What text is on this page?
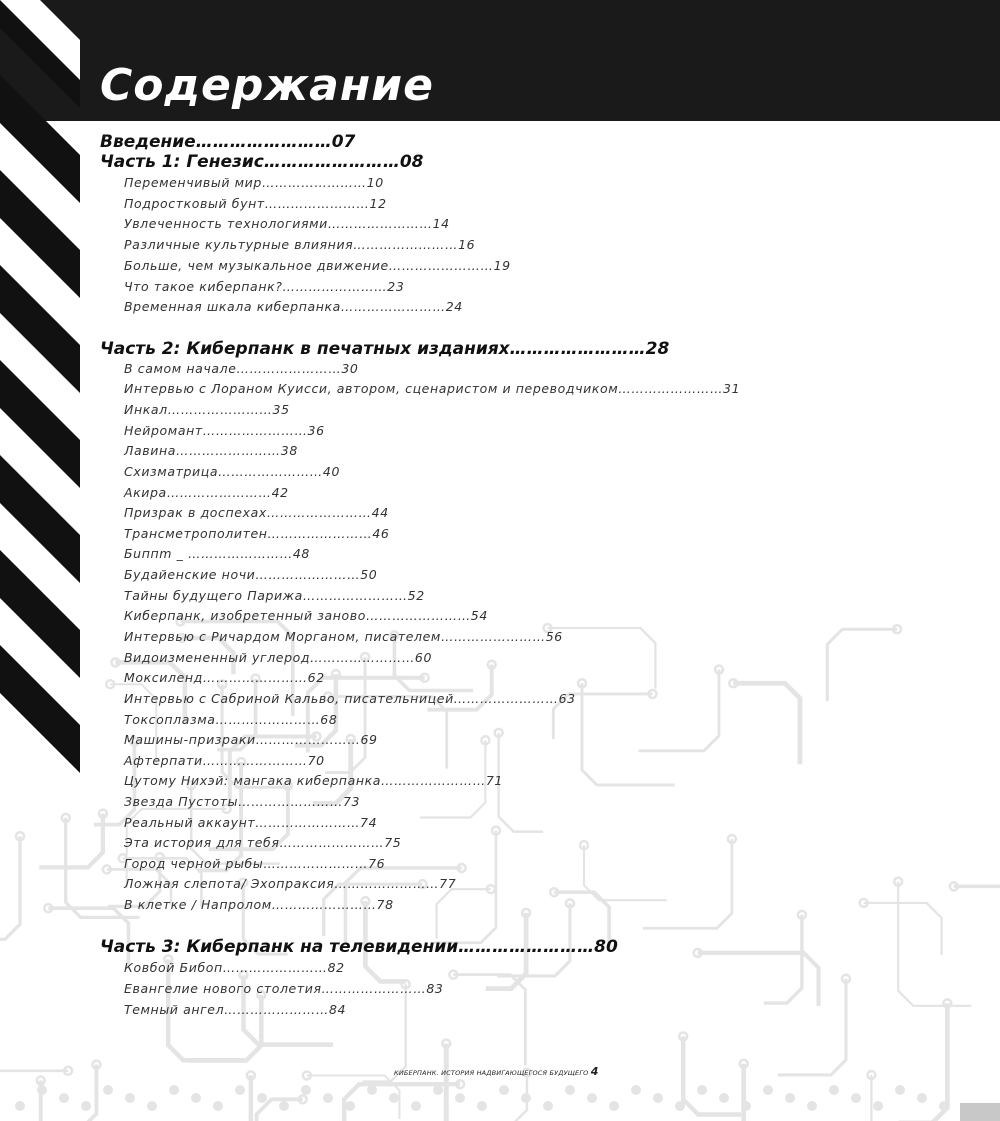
Содержание
Введение……………………07
Часть 1: Генезис……………………08
Переменчивый мир……………………10
Подростковый бунт……………………12
Увлеченность технологиями……………………14
Различные культурные влияния……………………16
Больше, чем музыкальное движение……………………19
Что такое киберпанк?……………………23
Временная шкала киберпанка……………………24
Часть 2: Киберпанк в печатных изданиях……………………28
В самом начале……………………30
Интервью с Лораном Куисси, автором, сценаристом и переводчиком……………………31
Инкал……………………35
Нейромант……………………36
Лавина……………………38
Схизматрица……………………40
Акира……………………42
Призрак в доспехах……………………44
Трансметрополитен……………………46
Бuппm _ ……………………48
Будайенские ночи……………………50
Тайны будущего Парижа……………………52
Киберпанк, изобретенный заново……………………54
Интервью с Ричардом Морганом, писателем……………………56
Видоизмененный углерод……………………60
Моксиленд……………………62
Интервью с Сабриной Кальво, писательницей……………………63
Токсоплазма……………………68
Машины-призраки……………………69
Афтерпати……………………70
Цутому Нихэй: мангака киберпанка……………………71
Звезда Пустоты……………………73
Реальный аккаунт……………………74
Эта история для тебя……………………75
Город черной рыбы……………………76
Ложная слепота/ Эхопраксия……………………77
В клетке / Напролом……………………78
Часть 3: Киберпанк на телевидении……………………80
Ковбой Бибоп……………………82
Евангелие нового столетия……………………83
Темный ангел……………………84
КИБЕРПАНК. ИСТОРИЯ НАДВИГАЮЩЕГОСЯ БУДУЩЕГО 4
